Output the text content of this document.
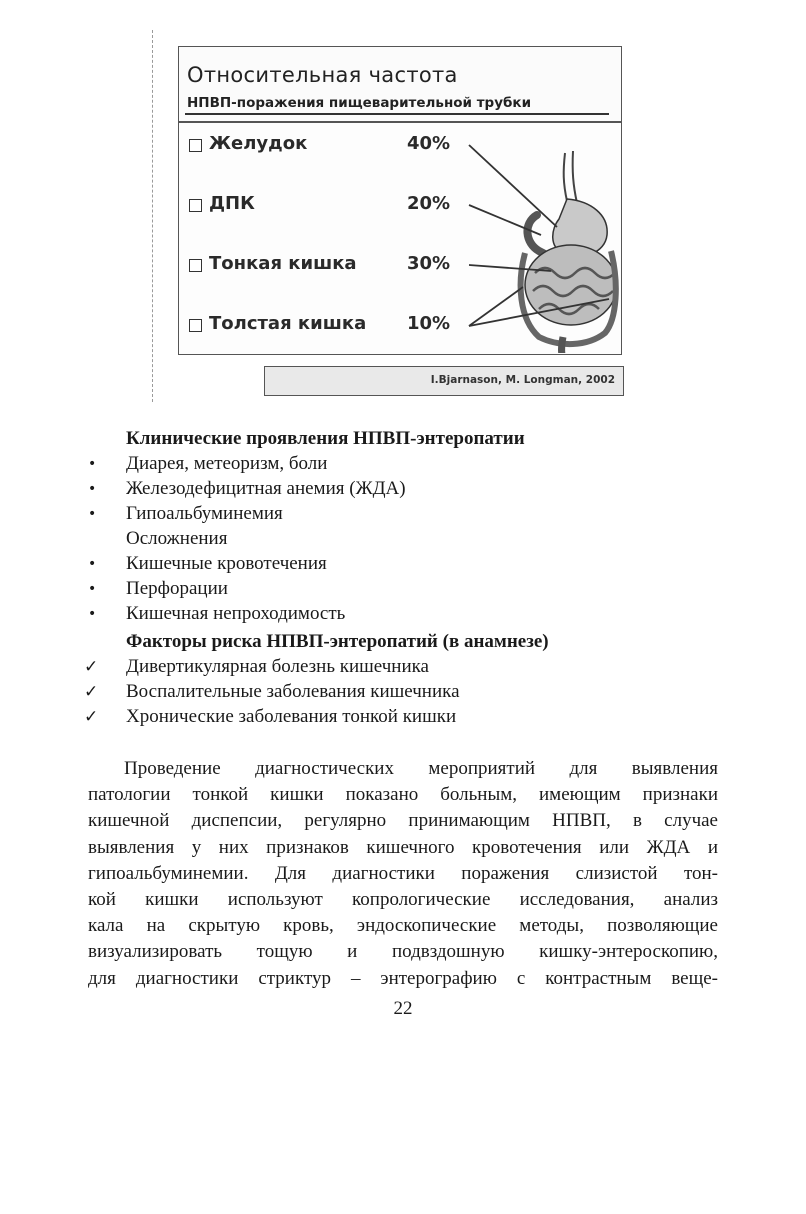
Относительная частота
НПВП-поражения пищеварительной трубки
Желудок	40%
ДПК	20%
Тонкая кишка	30%
Толстая кишка 10%
I.Bjarnason, M. Longman, 2002
Клинические проявления НПВП-энтеропатии
•	Диарея, метеоризм, боли
•	Железодефицитная анемия (ЖДА)
•	Гипоальбуминемия
Осложнения
•	Кишечные кровотечения
•	Перфорации
•	Кишечная непроходимость
Факторы риска НПВП-энтеропатий (в анамнезе)
✓	Дивертикулярная болезнь кишечника
✓	Воспалительные заболевания кишечника
✓	Хронические заболевания тонкой кишки
Проведение диагностических мероприятий для выявления
патологии тонкой кишки показано больным, имеющим признаки
кишечной диспепсии, регулярно принимающим НПВП, в случае
выявления у них признаков кишечного кровотечения или ЖДА и
гипоальбуминемии. Для диагностики поражения слизистой тон-
кой кишки используют копрологические исследования, анализ
кала на скрытую кровь, эндоскопические методы, позволяющие
визуализировать тощую и подвздошную кишку-энтероскопию,
для диагностики стриктур – энтерографию с контрастным веще-
22
